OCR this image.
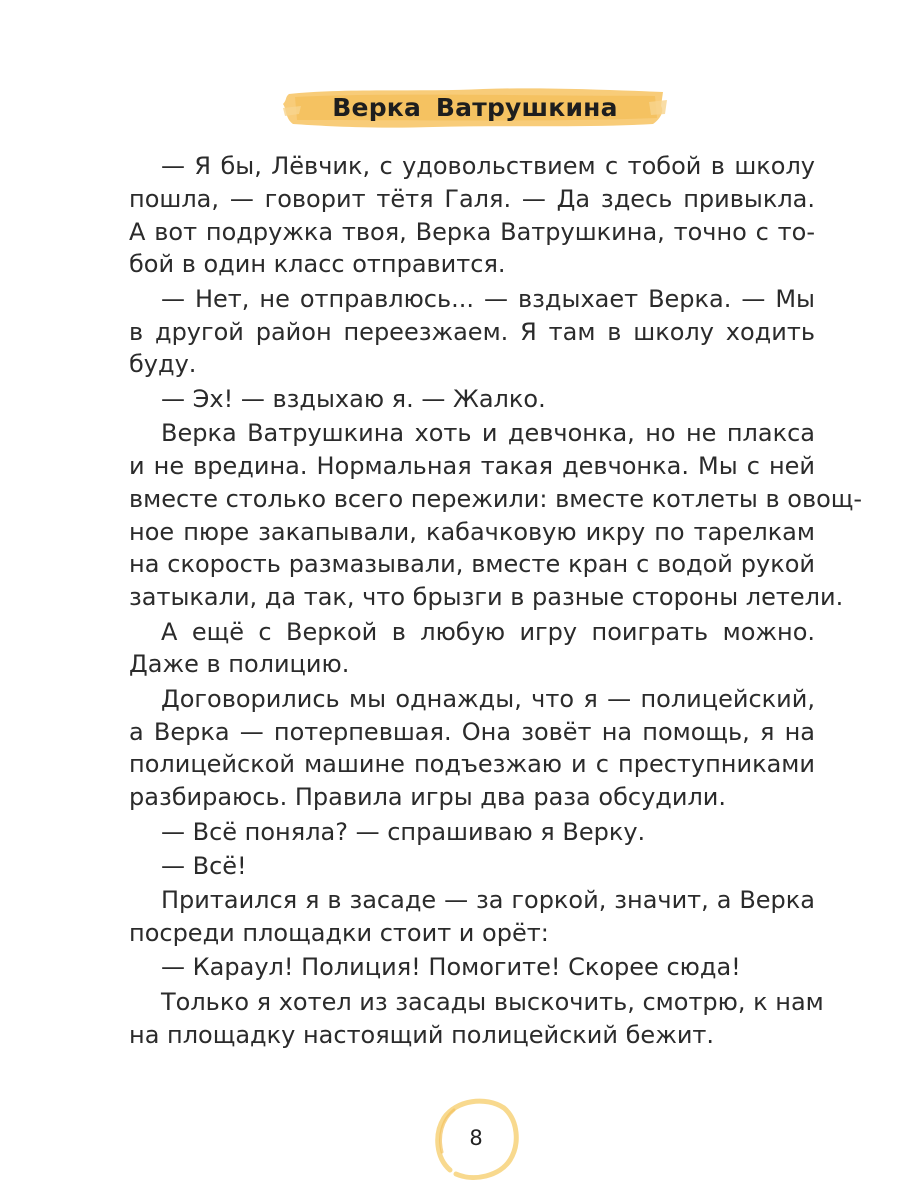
Верка Ватрушкина
— Я бы, Лёвчик, с удовольствием с тобой в школу
пошла, — говорит тётя Галя. — Да здесь привыкла.
А вот подружка твоя, Верка Ватрушкина, точно с то-
бой в один класс отправится.
— Нет, не отправлюсь... — вздыхает Верка. — Мы
в другой район переезжаем. Я там в школу ходить
буду.
— Эх! — вздыхаю я. — Жалко.
Верка Ватрушкина хоть и девчонка, но не плакса
и не вредина. Нормальная такая девчонка. Мы с ней
вместе столько всего пережили: вместе котлеты в овощ-
ное пюре закапывали, кабачковую икру по тарелкам
на скорость размазывали, вместе кран с водой рукой
затыкали, да так, что брызги в разные стороны летели.
А ещё с Веркой в любую игру поиграть можно.
Даже в полицию.
Договорились мы однажды, что я — полицейский,
а Верка — потерпевшая. Она зовёт на помощь, я на
полицейской машине подъезжаю и с преступниками
разбираюсь. Правила игры два раза обсудили.
— Всё поняла? — спрашиваю я Верку.
— Всё!
Притаился я в засаде — за горкой, значит, а Верка
посреди площадки стоит и орёт:
— Караул! Полиция! Помогите! Скорее сюда!
Только я хотел из засады выскочить, смотрю, к нам
на площадку настоящий полицейский бежит.
8
